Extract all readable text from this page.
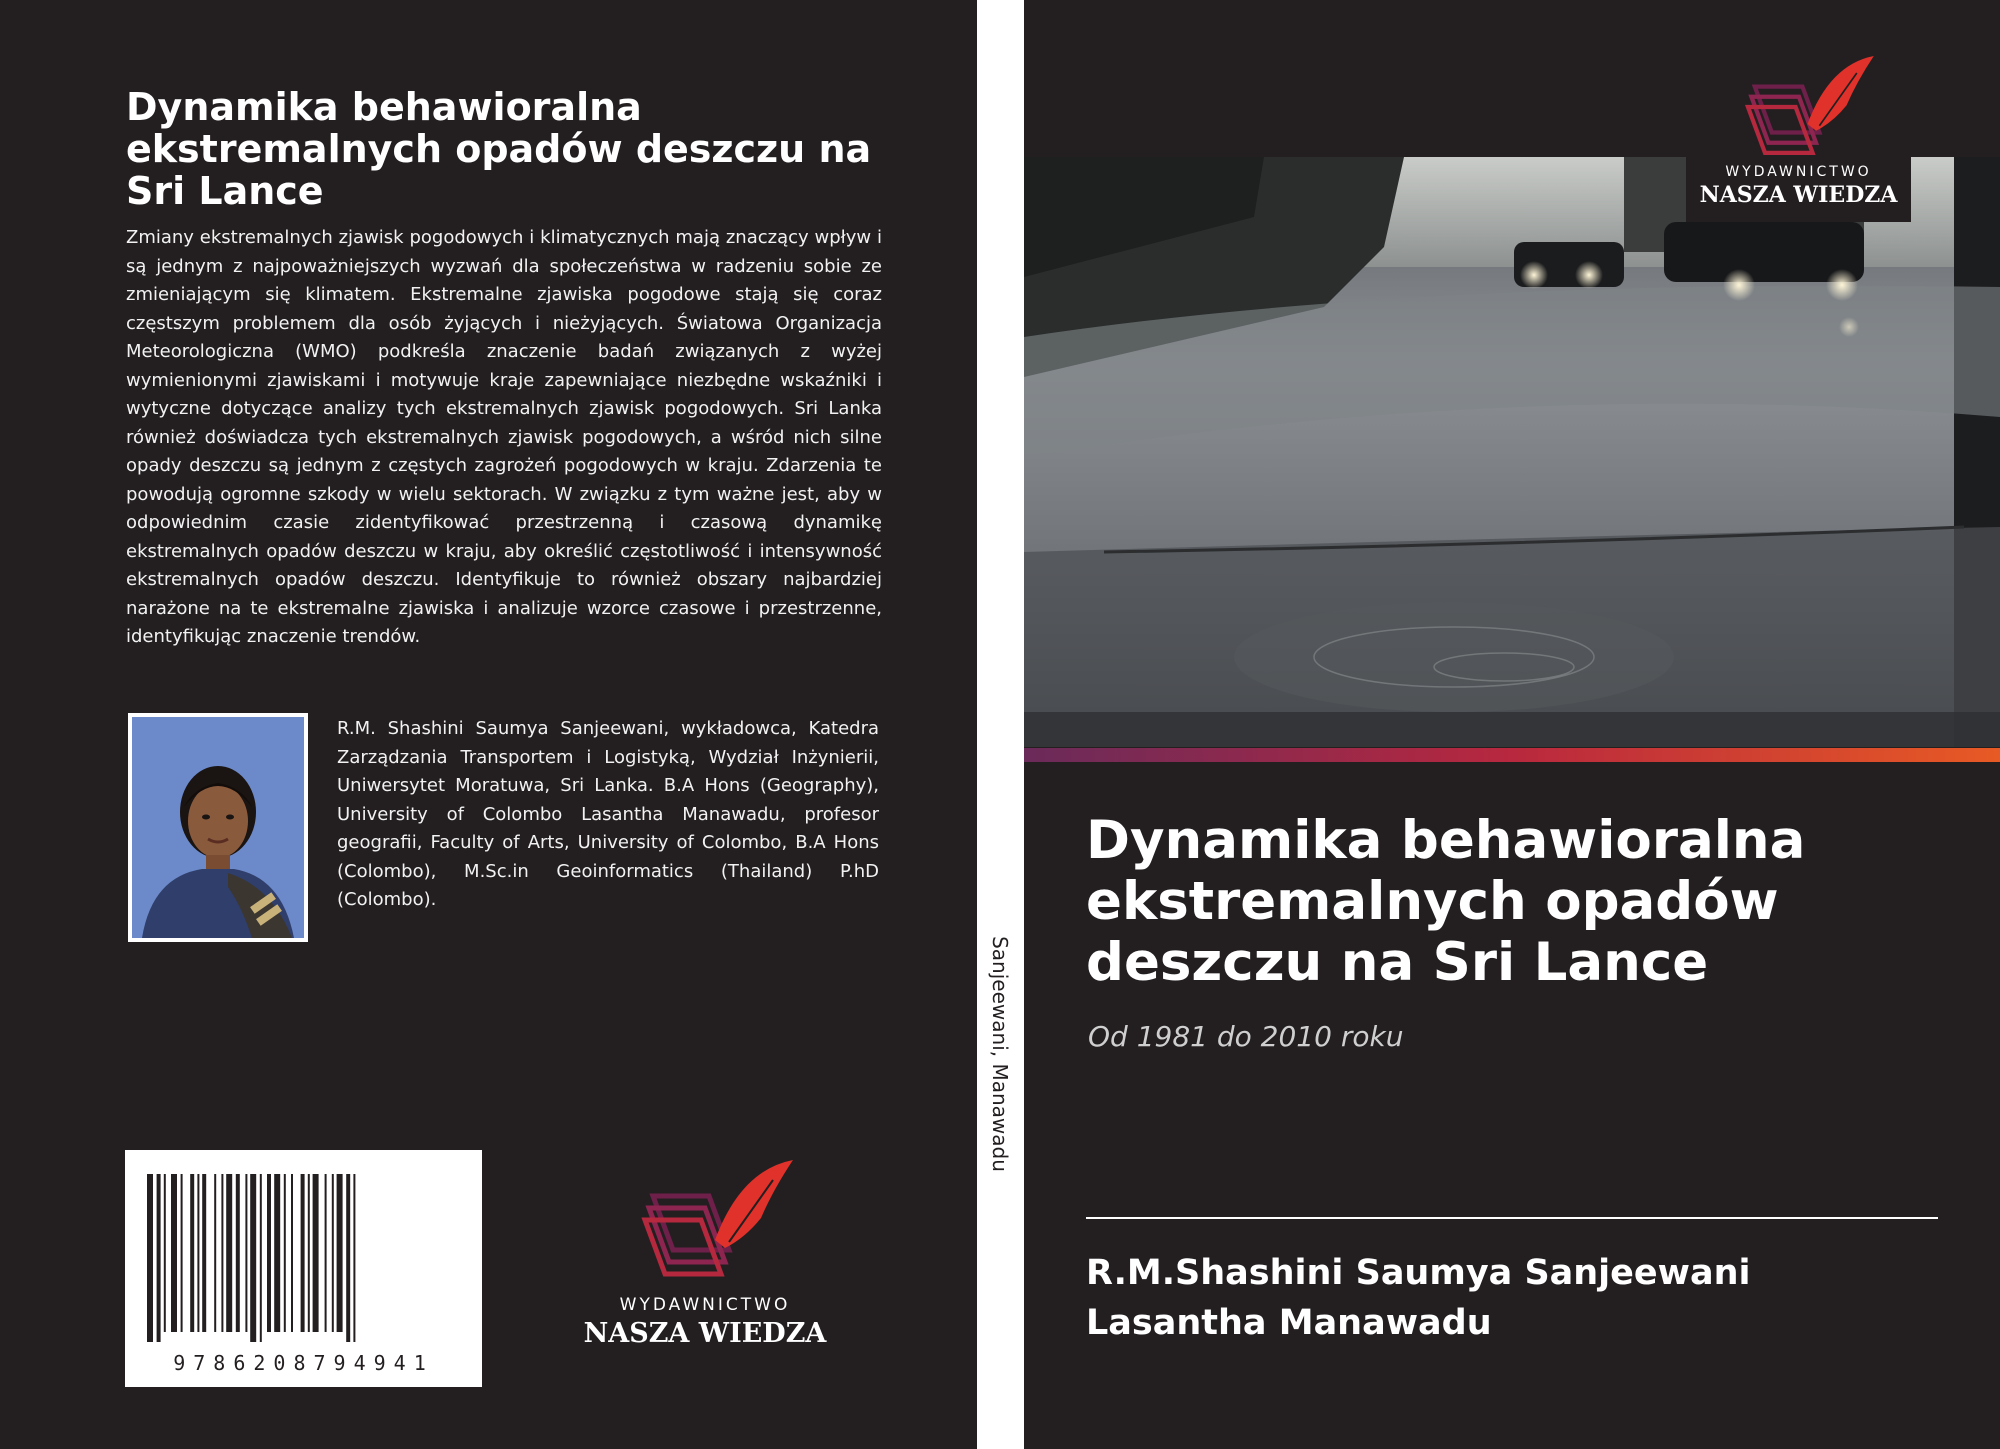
Dynamika behawioralna ekstremalnych opadów deszczu na Sri Lance
Zmiany ekstremalnych zjawisk pogodowych i klimatycznych mają znaczący wpływ i są jednym z najpoważniejszych wyzwań dla społeczeństwa w radzeniu sobie ze zmieniającym się klimatem. Ekstremalne zjawiska pogodowe stają się coraz częstszym problemem dla osób żyjących i nieżyjących. Światowa Organizacja Meteorologiczna (WMO) podkreśla znaczenie badań związanych z wyżej wymienionymi zjawiskami i motywuje kraje zapewniające niezbędne wskaźniki i wytyczne dotyczące analizy tych ekstremalnych zjawisk pogodowych. Sri Lanka również doświadcza tych ekstremalnych zjawisk pogodowych, a wśród nich silne opady deszczu są jednym z częstych zagrożeń pogodowych w kraju. Zdarzenia te powodują ogromne szkody w wielu sektorach. W związku z tym ważne jest, aby w odpowiednim czasie zidentyfikować przestrzenną i czasową dynamikę ekstremalnych opadów deszczu w kraju, aby określić częstotliwość i intensywność ekstremalnych opadów deszczu. Identyfikuje to również obszary najbardziej narażone na te ekstremalne zjawiska i analizuje wzorce czasowe i przestrzenne, identyfikując znaczenie trendów.
R.M. Shashini Saumya Sanjeewani, wykładowca, Katedra Zarządzania Transportem i Logistyką, Wydział Inżynierii, Uniwersytet Moratuwa, Sri Lanka. B.A Hons (Geography), University of Colombo Lasantha Manawadu, profesor geografii, Faculty of Arts, University of Colombo, B.A Hons (Colombo), M.Sc.in Geoinformatics (Thailand) P.hD (Colombo).
9786208794941
WYDAWNICTWO
NASZA WIEDZA
Sanjeewani, Manawadu
WYDAWNICTWO
NASZA WIEDZA
Dynamika behawioralna ekstremalnych opadów deszczu na Sri Lance
Od 1981 do 2010 roku
R.M.Shashini Saumya Sanjeewani
Lasantha Manawadu
